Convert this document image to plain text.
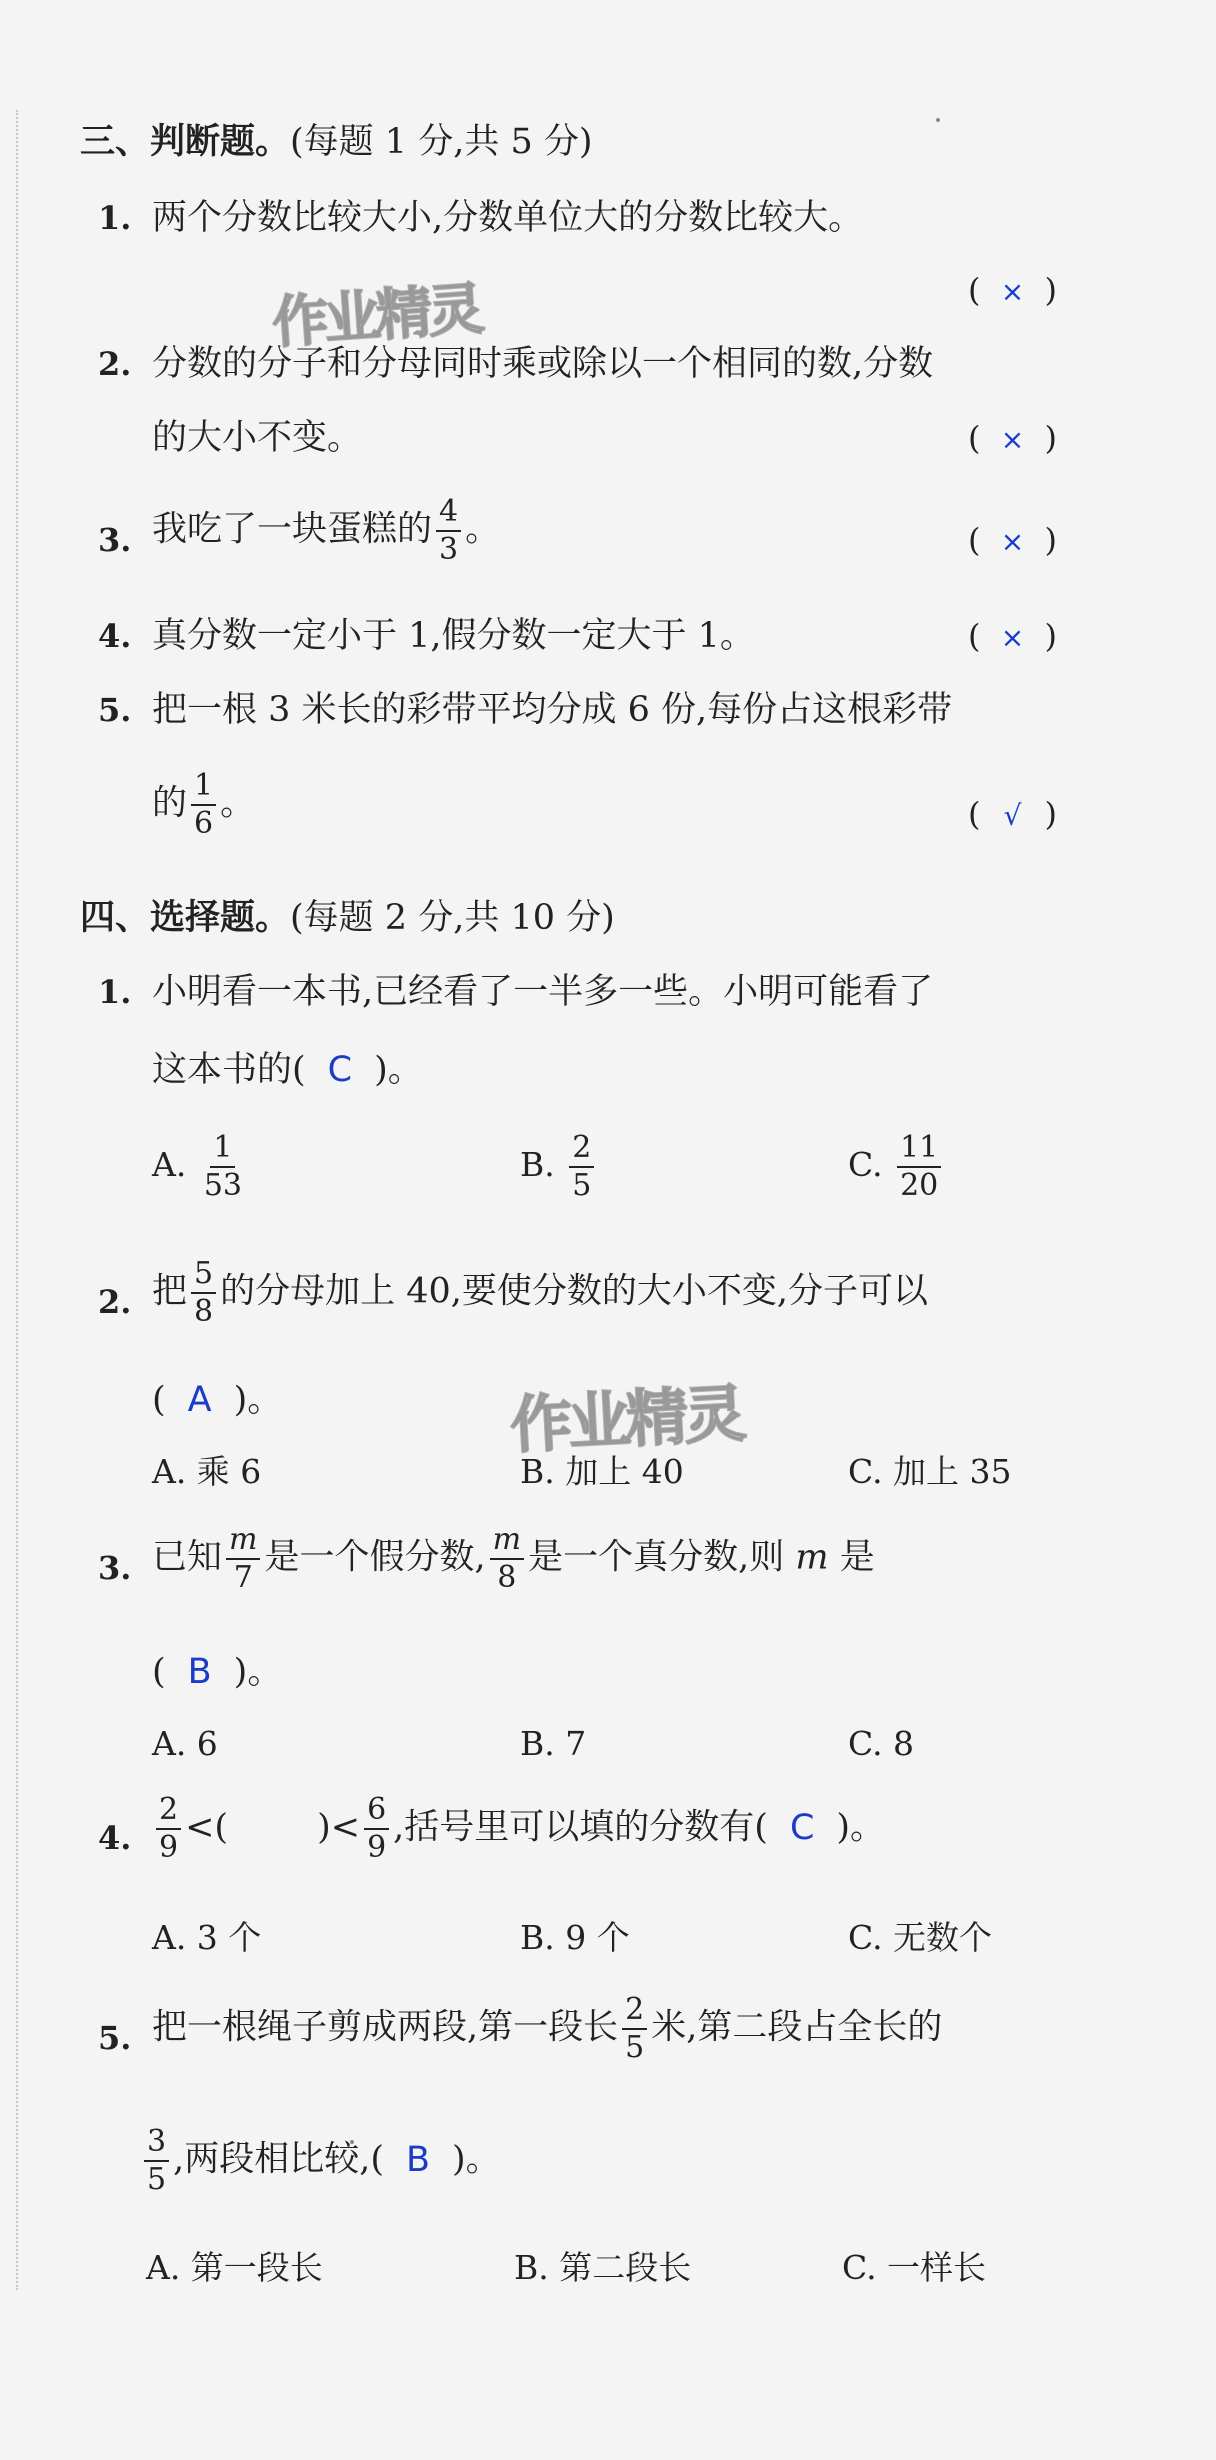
三、判断题。(每题 1 分,共 5 分)
1. 两个分数比较大小,分数单位大的分数比较大。
( × )
作业精灵
2. 分数的分子和分母同时乘或除以一个相同的数,分数
的大小不变。	( × )
3. 我吃了一块蛋糕的 $\frac{4}{3}$ 。	( × )
4. 真分数一定小于 1,假分数一定大于 1。	( × )
5. 把一根 3 米长的彩带平均分成 6 份,每份占这根彩带
的 $\frac{1}{6}$ 。	( √ )
四、选择题。(每题 2 分,共 10 分)
1. 小明看一本书,已经看了一半多一些。小明可能看了
这本书的( C )。
A. $\frac{1}{53}$	B. $\frac{2}{5}$	C. $\frac{11}{20}$
2. 把 $\frac{5}{8}$ 的分母加上 40,要使分数的大小不变,分子可以
( A )。
A. 乘 6	B. 加上 40	C. 加上 35
作业精灵
3. 已知 $\frac{m}{7}$ 是一个假分数, $\frac{m}{8}$ 是一个真分数,则 m 是
( B )。
A. 6	B. 7	C. 8
4. $\frac{2}{9}$ <(        )< $\frac{6}{9}$ ,括号里可以填的分数有( C )。
A. 3 个	B. 9 个	C. 无数个
5. 把一根绳子剪成两段,第一段长 $\frac{2}{5}$ 米,第二段占全长的
$\frac{3}{5}$ ,两段相比较,( B )。
A. 第一段长	B. 第二段长	C. 一样长
